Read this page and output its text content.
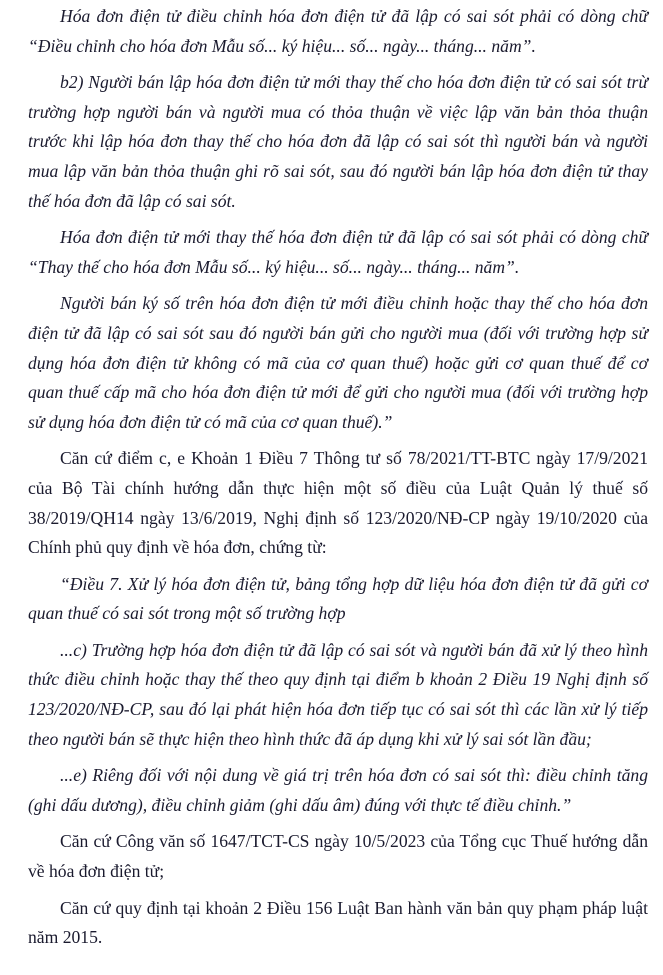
Hóa đơn điện tử điều chỉnh hóa đơn điện tử đã lập có sai sót phải có dòng chữ “Điều chỉnh cho hóa đơn Mẫu số... ký hiệu... số... ngày... tháng... năm”.

b2) Người bán lập hóa đơn điện tử mới thay thế cho hóa đơn điện tử có sai sót trừ trường hợp người bán và người mua có thỏa thuận về việc lập văn bản thỏa thuận trước khi lập hóa đơn thay thế cho hóa đơn đã lập có sai sót thì người bán và người mua lập văn bản thỏa thuận ghi rõ sai sót, sau đó người bán lập hóa đơn điện tử thay thế hóa đơn đã lập có sai sót.

Hóa đơn điện tử mới thay thế hóa đơn điện tử đã lập có sai sót phải có dòng chữ “Thay thế cho hóa đơn Mẫu số... ký hiệu... số... ngày... tháng... năm”.

Người bán ký số trên hóa đơn điện tử mới điều chỉnh hoặc thay thế cho hóa đơn điện tử đã lập có sai sót sau đó người bán gửi cho người mua (đối với trường hợp sử dụng hóa đơn điện tử không có mã của cơ quan thuế) hoặc gửi cơ quan thuế để cơ quan thuế cấp mã cho hóa đơn điện tử mới để gửi cho người mua (đối với trường hợp sử dụng hóa đơn điện tử có mã của cơ quan thuế).”

Căn cứ điểm c, e Khoản 1 Điều 7 Thông tư số 78/2021/TT-BTC ngày 17/9/2021 của Bộ Tài chính hướng dẫn thực hiện một số điều của Luật Quản lý thuế số 38/2019/QH14 ngày 13/6/2019, Nghị định số 123/2020/NĐ-CP ngày 19/10/2020 của Chính phủ quy định về hóa đơn, chứng từ:

“Điều 7. Xử lý hóa đơn điện tử, bảng tổng hợp dữ liệu hóa đơn điện tử đã gửi cơ quan thuế có sai sót trong một số trường hợp

...c) Trường hợp hóa đơn điện tử đã lập có sai sót và người bán đã xử lý theo hình thức điều chỉnh hoặc thay thế theo quy định tại điểm b khoản 2 Điều 19 Nghị định số 123/2020/NĐ-CP, sau đó lại phát hiện hóa đơn tiếp tục có sai sót thì các lần xử lý tiếp theo người bán sẽ thực hiện theo hình thức đã áp dụng khi xử lý sai sót lần đầu;

...e) Riêng đối với nội dung về giá trị trên hóa đơn có sai sót thì: điều chỉnh tăng (ghi dấu dương), điều chỉnh giảm (ghi dấu âm) đúng với thực tế điều chỉnh.”

Căn cứ Công văn số 1647/TCT-CS ngày 10/5/2023 của Tổng cục Thuế hướng dẫn về hóa đơn điện tử;

Căn cứ quy định tại khoản 2 Điều 156 Luật Ban hành văn bản quy phạm pháp luật năm 2015.
